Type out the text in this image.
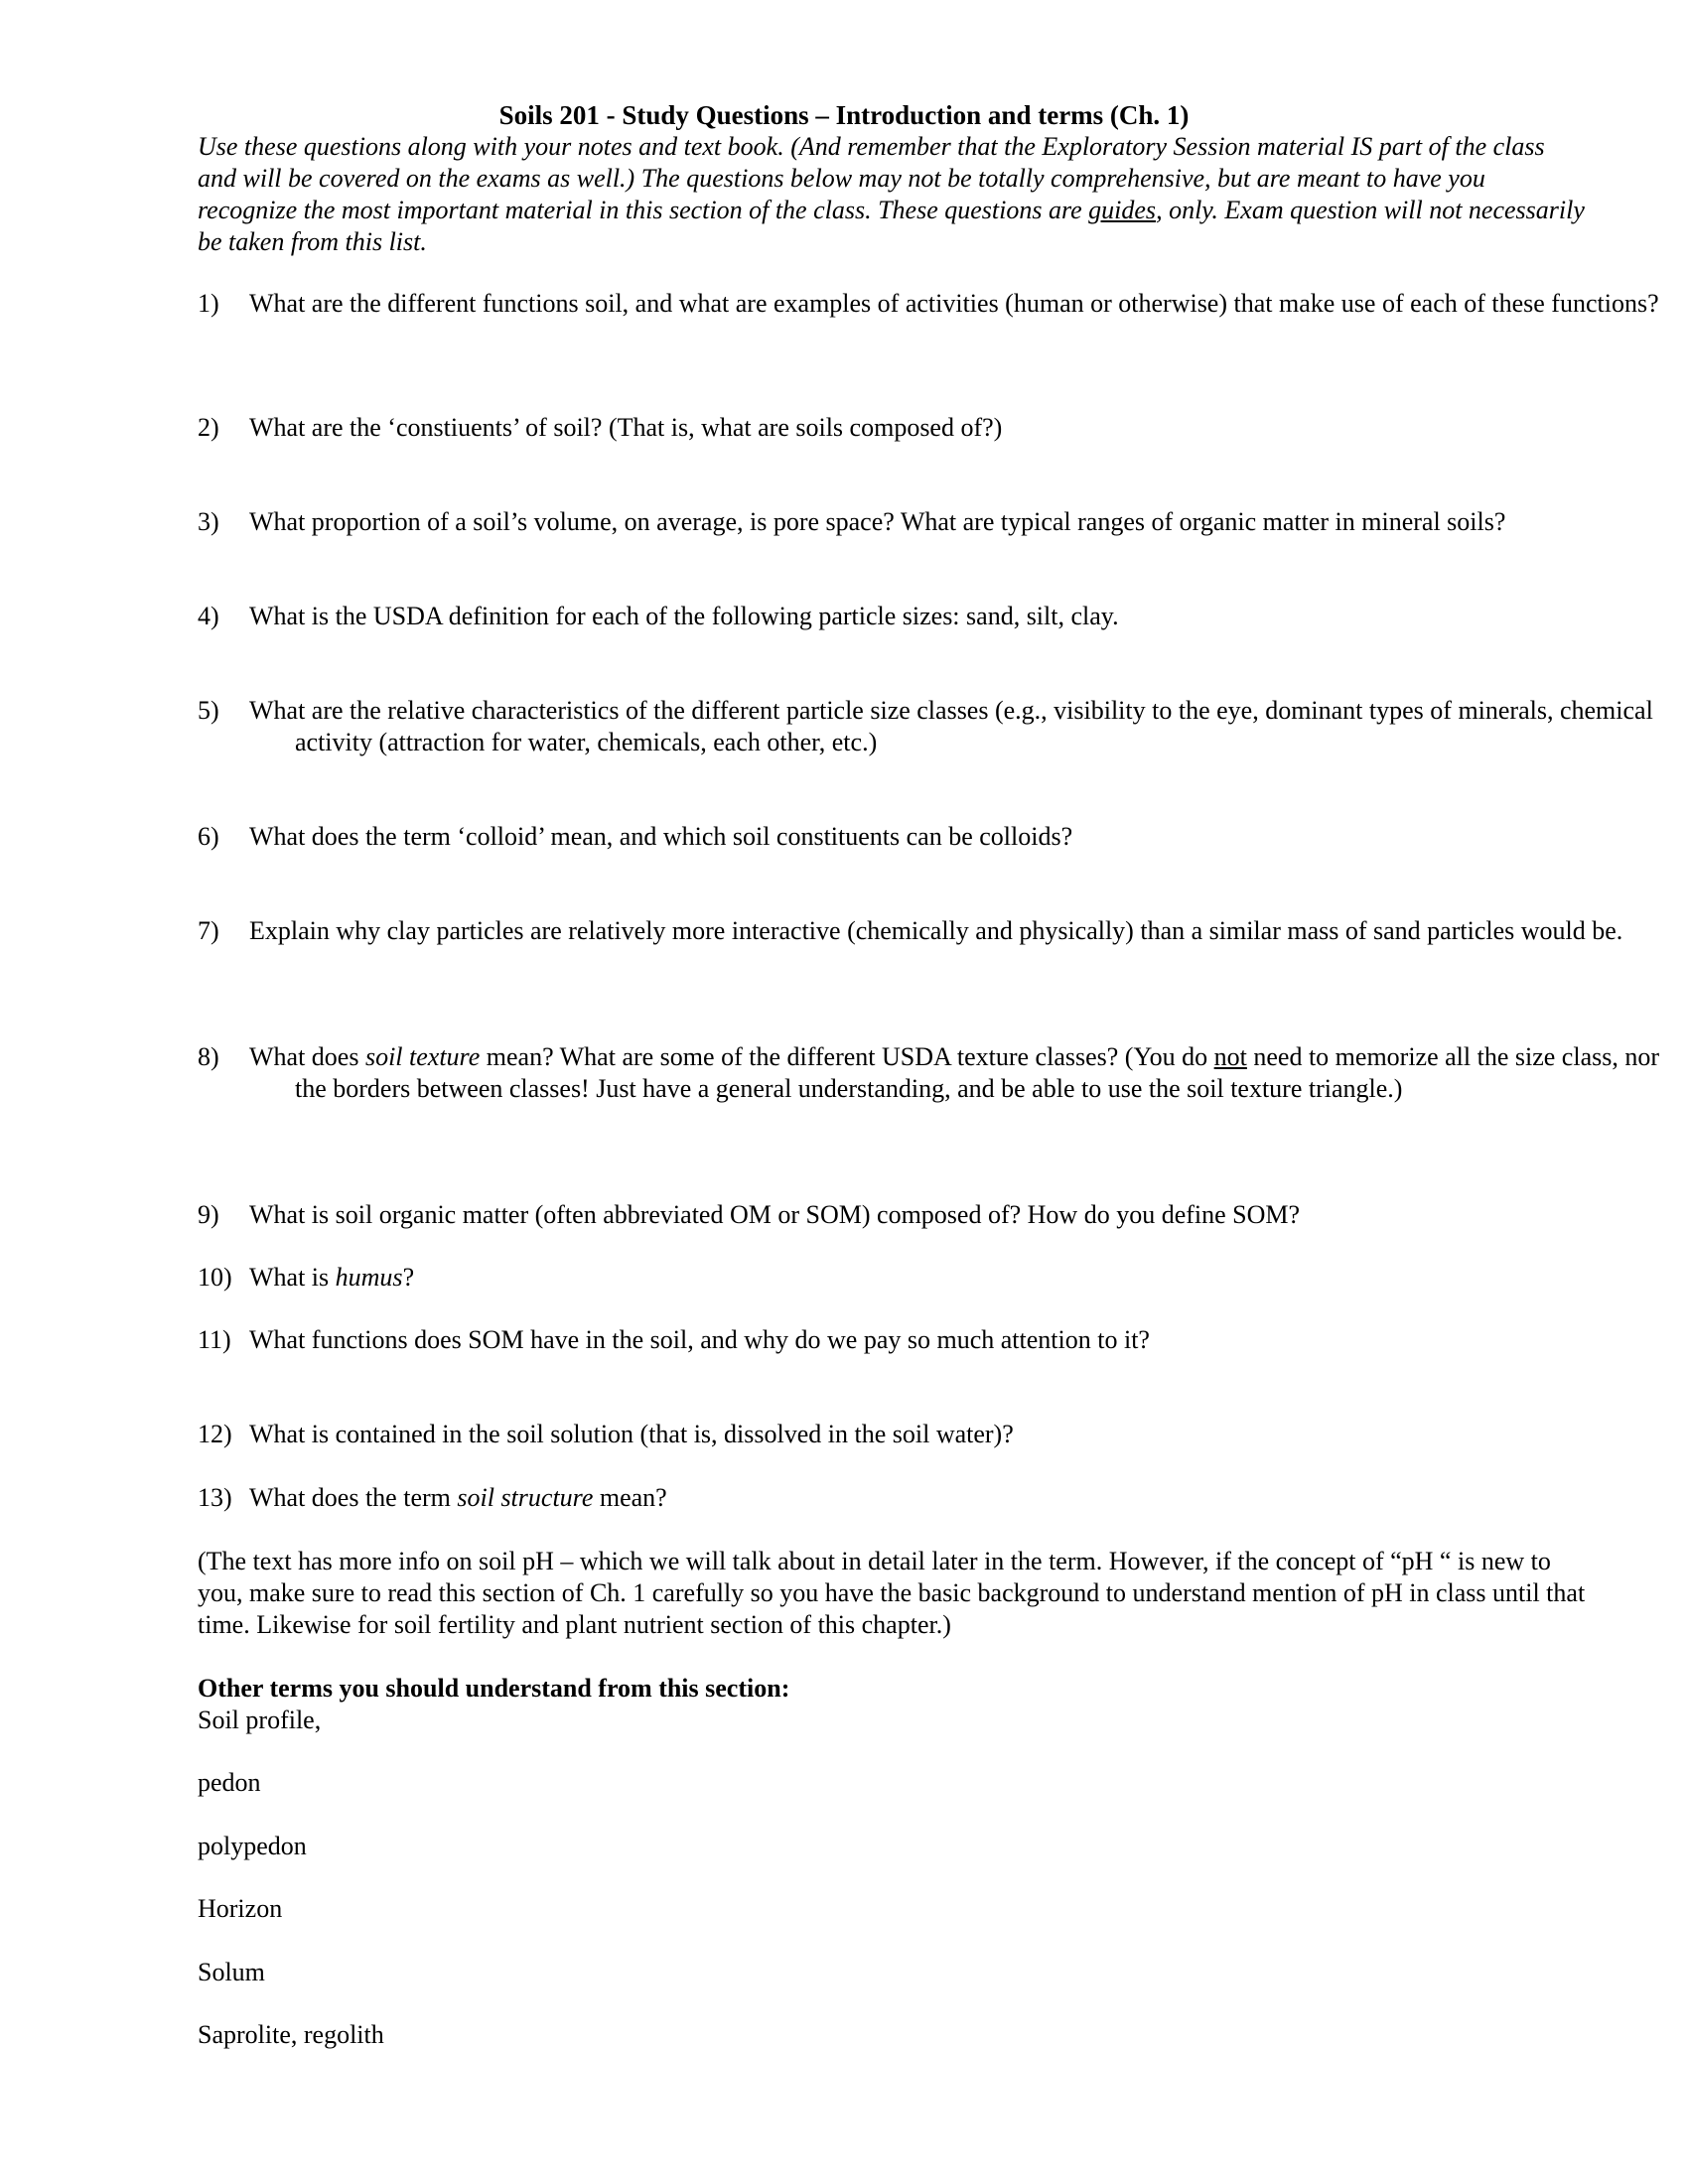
Soils 201 - Study Questions – Introduction and terms (Ch. 1)
Use these questions along with your notes and text book. (And remember that the Exploratory Session material IS part of the class and will be covered on the exams as well.) The questions below may not be totally comprehensive, but are meant to have you recognize the most important material in this section of the class. These questions are guides, only. Exam question will not necessarily be taken from this list.
1) What are the different functions soil, and what are examples of activities (human or otherwise) that make use of each of these functions?
2) What are the ‘constiuents’ of soil? (That is, what are soils composed of?)
3) What proportion of a soil’s volume, on average, is pore space? What are typical ranges of organic matter in mineral soils?
4) What is the USDA definition for each of the following particle sizes: sand, silt, clay.
5) What are the relative characteristics of the different particle size classes (e.g., visibility to the eye, dominant types of minerals, chemical activity (attraction for water, chemicals, each other, etc.)
6) What does the term ‘colloid’ mean, and which soil constituents can be colloids?
7) Explain why clay particles are relatively more interactive (chemically and physically) than a similar mass of sand particles would be.
8) What does soil texture mean? What are some of the different USDA texture classes? (You do not need to memorize all the size class, nor the borders between classes! Just have a general understanding, and be able to use the soil texture triangle.)
9) What is soil organic matter (often abbreviated OM or SOM) composed of? How do you define SOM?
10) What is humus?
11) What functions does SOM have in the soil, and why do we pay so much attention to it?
12) What is contained in the soil solution (that is, dissolved in the soil water)?
13) What does the term soil structure mean?
(The text has more info on soil pH – which we will talk about in detail later in the term. However, if the concept of “pH “ is new to you, make sure to read this section of Ch. 1 carefully so you have the basic background to understand mention of pH in class until that time. Likewise for soil fertility and plant nutrient section of this chapter.)
Other terms you should understand from this section:
Soil profile,
pedon
polypedon
Horizon
Solum
Saprolite, regolith
